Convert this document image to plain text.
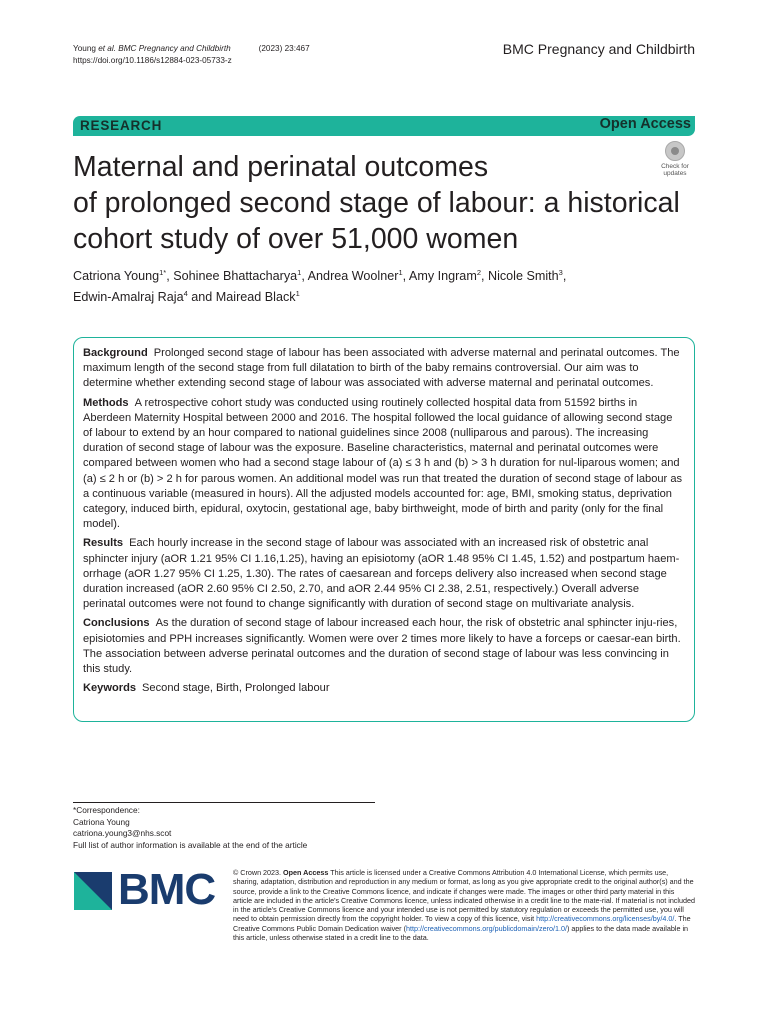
Young et al. BMC Pregnancy and Childbirth	(2023) 23:467
https://doi.org/10.1186/s12884-023-05733-z
BMC Pregnancy and Childbirth
RESEARCH	Open Access
Maternal and perinatal outcomes
of prolonged second stage of labour: a historical
cohort study of over 51,000 women
Check for
updates
Catriona Young$^{1*}$, Sohinee Bhattacharya$^1$, Andrea Woolner$^1$, Amy Ingram$^2$, Nicole Smith$^3$,
Edwin-Amalraj Raja$^4$ and Mairead Black$^1$

Background Prolonged second stage of labour has been associated with adverse maternal and perinatal outcomes. The maximum length of the second stage from full dilatation to birth of the baby remains controversial. Our aim was to determine whether extending second stage of labour was associated with adverse maternal and perinatal outcomes.

Methods A retrospective cohort study was conducted using routinely collected hospital data from 51592 births in Aberdeen Maternity Hospital between 2000 and 2016. The hospital followed the local guidance of allowing second stage of labour to extend by an hour compared to national guidelines since 2008 (nulliparous and parous). The increasing duration of second stage of labour was the exposure. Baseline characteristics, maternal and perinatal outcomes were compared between women who had a second stage labour of (a) ≤ 3 h and (b) > 3 h duration for nul-liparous women; and (a) ≤ 2 h or (b) > 2 h for parous women. An additional model was run that treated the duration of second stage of labour as a continuous variable (measured in hours). All the adjusted models accounted for: age, BMI, smoking status, deprivation category, induced birth, epidural, oxytocin, gestational age, baby birthweight, mode of birth and parity (only for the final model).

Results Each hourly increase in the second stage of labour was associated with an increased risk of obstetric anal sphincter injury (aOR 1.21 95% CI 1.16,1.25), having an episiotomy (aOR 1.48 95% CI 1.45, 1.52) and postpartum haem-orrhage (aOR 1.27 95% CI 1.25, 1.30). The rates of caesarean and forceps delivery also increased when second stage duration increased (aOR 2.60 95% CI 2.50, 2.70, and aOR 2.44 95% CI 2.38, 2.51, respectively.) Overall adverse perinatal outcomes were not found to change significantly with duration of second stage on multivariate analysis.

Conclusions As the duration of second stage of labour increased each hour, the risk of obstetric anal sphincter inju-ries, episiotomies and PPH increases significantly. Women were over 2 times more likely to have a forceps or caesar-ean birth. The association between adverse perinatal outcomes and the duration of second stage of labour was less convincing in this study.

Keywords Second stage, Birth, Prolonged labour

*Correspondence:
Catriona Young
catriona.young3@nhs.scot
Full list of author information is available at the end of the article
BMC © Crown 2023. Open Access This article is licensed under a Creative Commons Attribution 4.0 International License, which permits use, sharing, adaptation, distribution and reproduction in any medium or format, as long as you give appropriate credit to the original author(s) and the source, provide a link to the Creative Commons licence, and indicate if changes were made. The images or other third party material in this article are included in the article's Creative Commons licence, unless indicated otherwise in a credit line to the mate-rial. If material is not included in the article's Creative Commons licence and your intended use is not permitted by statutory regulation or exceeds the permitted use, you will need to obtain permission directly from the copyright holder. To view a copy of this licence, visit http://creativecommons.org/licenses/by/4.0/. The Creative Commons Public Domain Dedication waiver (http://creativecommons.org/publicdomain/zero/1.0/) applies to the data made available in this article, unless otherwise stated in a credit line to the data.
